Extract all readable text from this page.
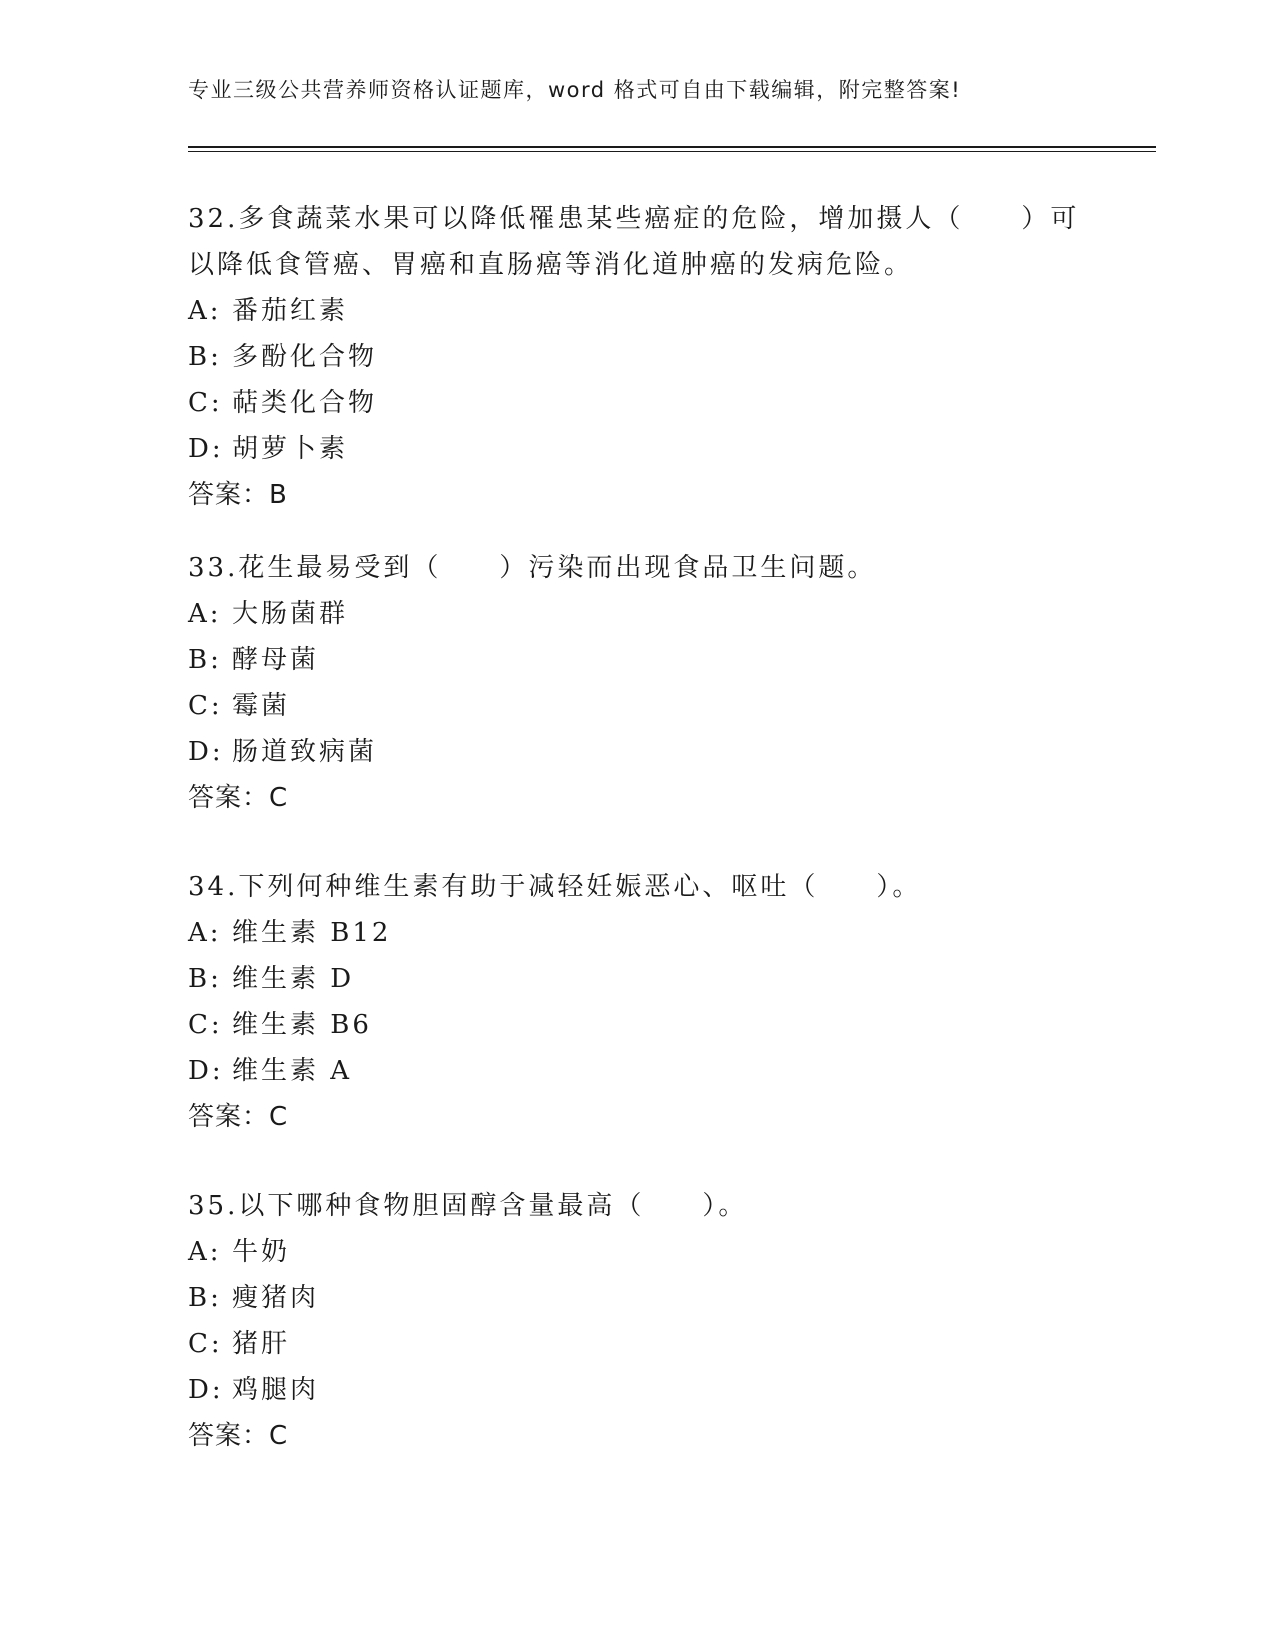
专业三级公共营养师资格认证题库，word 格式可自由下载编辑，附完整答案!
32.多食蔬菜水果可以降低罹患某些癌症的危险，增加摄人（　　）可
以降低食管癌、胃癌和直肠癌等消化道肿癌的发病危险。
A: 番茄红素
B: 多酚化合物
C: 萜类化合物
D: 胡萝卜素
答案：B
33.花生最易受到（　　）污染而出现食品卫生问题。
A: 大肠菌群
B: 酵母菌
C: 霉菌
D: 肠道致病菌
答案：C
34.下列何种维生素有助于减轻妊娠恶心、呕吐（　　）。
A: 维生素 B12
B: 维生素 D
C: 维生素 B6
D: 维生素 A
答案：C
35.以下哪种食物胆固醇含量最高（　　）。
A: 牛奶
B: 瘦猪肉
C: 猪肝
D: 鸡腿肉
答案：C
